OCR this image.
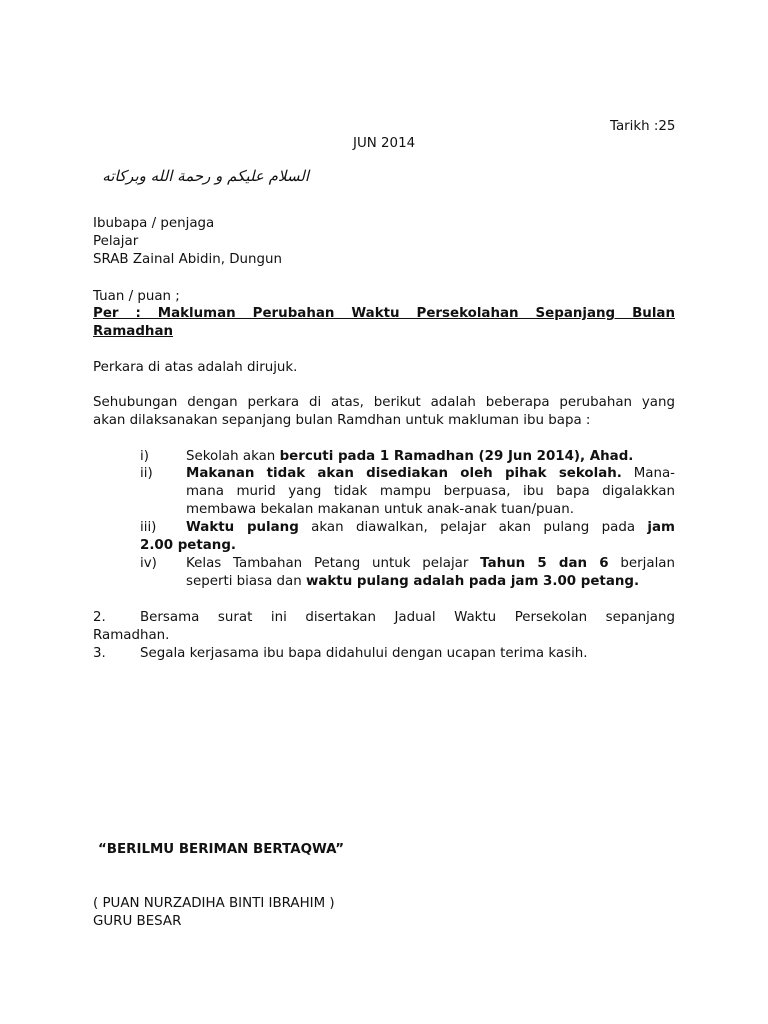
Tarikh :25
JUN 2014
السلام عليكم و رحمة الله وبركاته
Ibubapa / penjaga
Pelajar
SRAB Zainal Abidin, Dungun
Tuan / puan ;
Per : Makluman Perubahan Waktu Persekolahan Sepanjang Bulan
Ramadhan
Perkara di atas adalah dirujuk.
Sehubungan dengan perkara di atas, berikut adalah beberapa perubahan yang
akan dilaksanakan sepanjang bulan Ramdhan untuk makluman ibu bapa :
i)	Sekolah akan bercuti pada 1 Ramadhan (29 Jun 2014), Ahad.
ii) Makanan tidak akan disediakan oleh pihak sekolah. Mana-
mana murid yang tidak mampu berpuasa, ibu bapa digalakkan
membawa bekalan makanan untuk anak-anak tuan/puan.
iii) Waktu pulang akan diawalkan, pelajar akan pulang pada jam
2.00 petang.
iv) Kelas Tambahan Petang untuk pelajar Tahun 5 dan 6 berjalan
seperti biasa dan waktu pulang adalah pada jam 3.00 petang.
2.	Bersama surat ini disertakan Jadual Waktu Persekolan sepanjang
Ramadhan.
3.	Segala kerjasama ibu bapa didahului dengan ucapan terima kasih.
“BERILMU BERIMAN BERTAQWA”
( PUAN NURZADIHA BINTI IBRAHIM )
GURU BESAR
